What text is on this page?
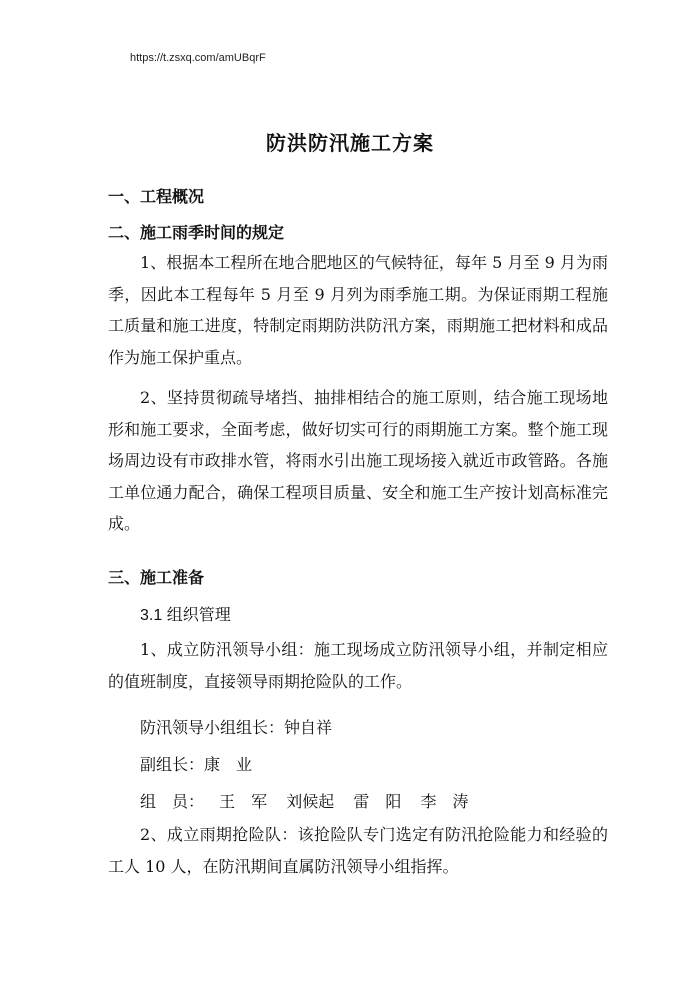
https://t.zsxq.com/amUBqrF
防洪防汛施工方案
一、工程概况
二、施工雨季时间的规定
1、根据本工程所在地合肥地区的气候特征，每年 5 月至 9 月为雨季，因此本工程每年 5 月至 9 月列为雨季施工期。为保证雨期工程施工质量和施工进度，特制定雨期防洪防汛方案，雨期施工把材料和成品作为施工保护重点。
2、坚持贯彻疏导堵挡、抽排相结合的施工原则，结合施工现场地形和施工要求，全面考虑，做好切实可行的雨期施工方案。整个施工现场周边设有市政排水管，将雨水引出施工现场接入就近市政管路。各施工单位通力配合，确保工程项目质量、安全和施工生产按计划高标准完成。
三、施工准备
3.1 组织管理
1、成立防汛领导小组：施工现场成立防汛领导小组，并制定相应的值班制度，直接领导雨期抢险队的工作。
防汛领导小组组长：钟自祥
副组长：康　业
组　员： 王　军 刘候起 雷　阳 李　涛
2、成立雨期抢险队：该抢险队专门选定有防汛抢险能力和经验的工人 10 人，在防汛期间直属防汛领导小组指挥。
